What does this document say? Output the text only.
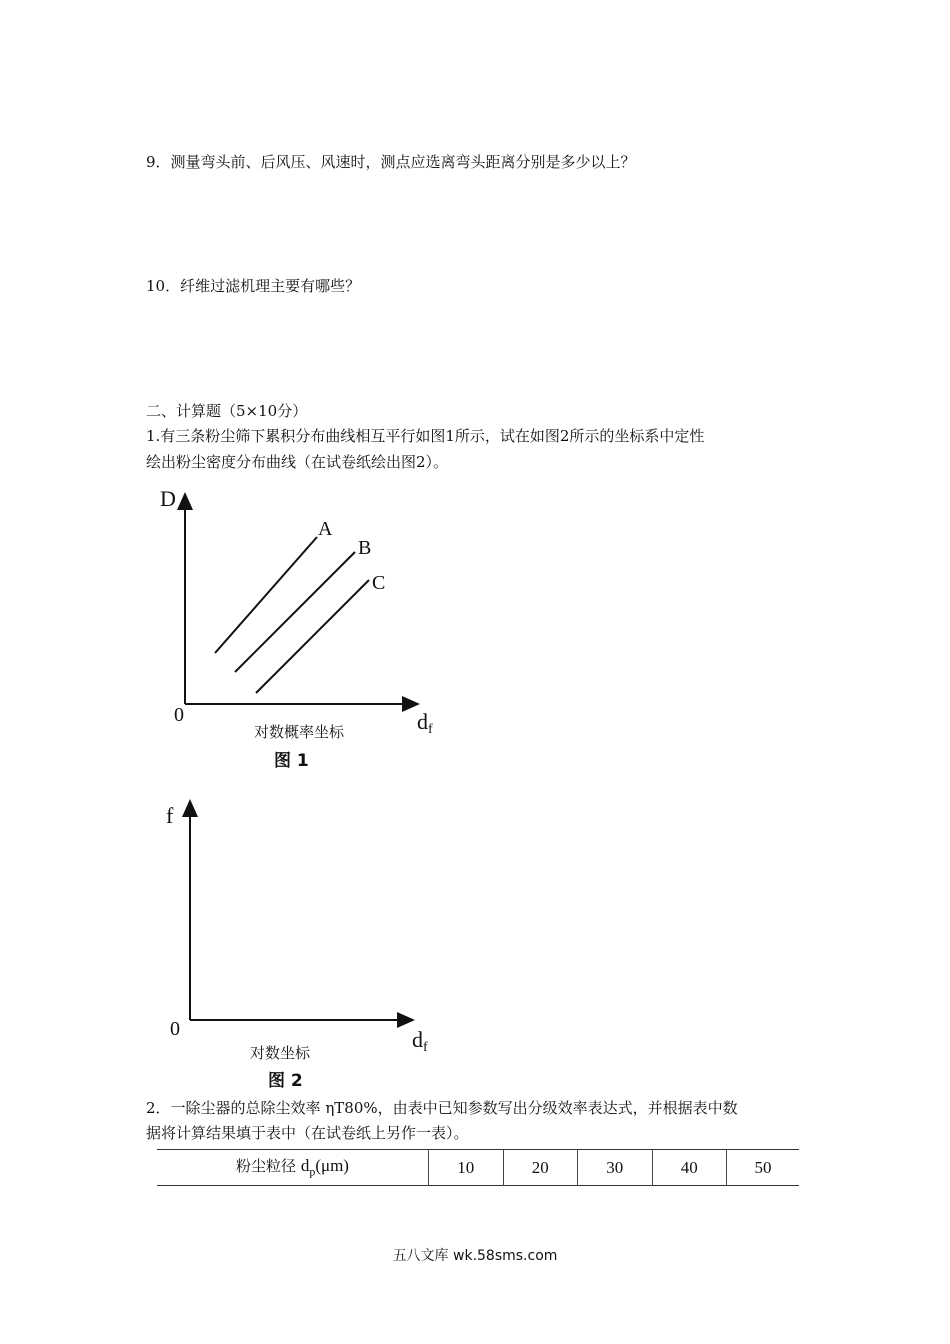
9．测量弯头前、后风压、风速时，测点应选离弯头距离分别是多少以上？
10．纤维过滤机理主要有哪些？
二、计算题（5×10分）
1.有三条粉尘筛下累积分布曲线相互平行如图1所示，试在如图2所示的坐标系中定性
绘出粉尘密度分布曲线（在试卷纸绘出图2）。
D
0	df
A
B
C
对数概率坐标
图 1
f
0	df
对数坐标
图 2
2．一除尘器的总除尘效率 ηT80%，由表中已知参数写出分级效率表达式，并根据表中数
据将计算结果填于表中（在试卷纸上另作一表）。
粉尘粒径 $d_p(\mu m)$	10	20	30	40	50
五八文库 wk.58sms.com
